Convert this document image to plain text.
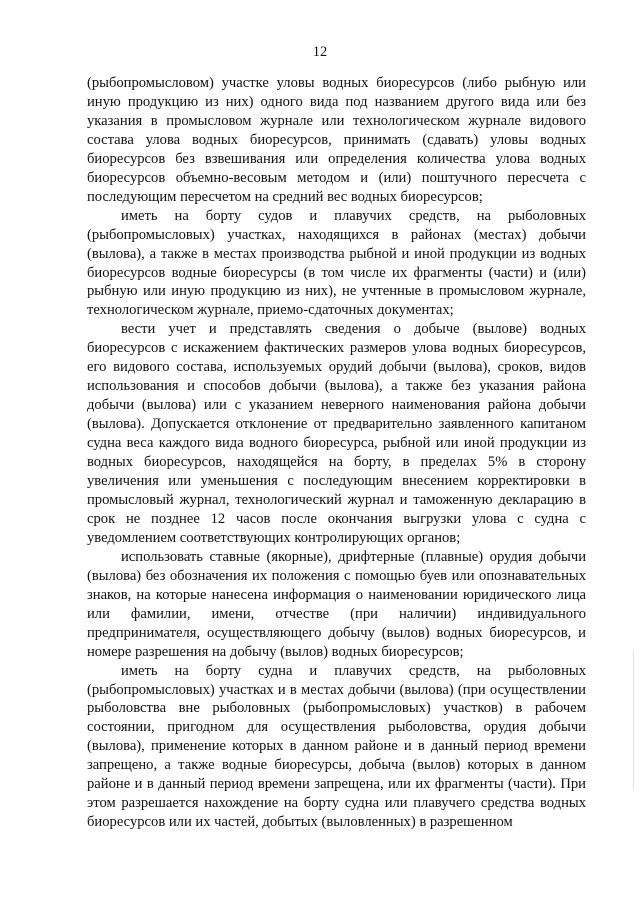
12

(рыбопромысловом) участке уловы водных биоресурсов (либо рыбную или иную продукцию из них) одного вида под названием другого вида или без указания в промысловом журнале или технологическом журнале видового состава улова водных биоресурсов, принимать (сдавать) уловы водных биоресурсов без взвешивания или определения количества улова водных биоресурсов объемно-весовым методом и (или) поштучного пересчета с последующим пересчетом на средний вес водных биоресурсов;

иметь на борту судов и плавучих средств, на рыболовных (рыбопромысловых) участках, находящихся в районах (местах) добычи (вылова), а также в местах производства рыбной и иной продукции из водных биоресурсов водные биоресурсы (в том числе их фрагменты (части) и (или) рыбную или иную продукцию из них), не учтенные в промысловом журнале, технологическом журнале, приемо-сдаточных документах;

вести учет и представлять сведения о добыче (вылове) водных биоресурсов с искажением фактических размеров улова водных биоресурсов, его видового состава, используемых орудий добычи (вылова), сроков, видов использования и способов добычи (вылова), а также без указания района добычи (вылова) или с указанием неверного наименования района добычи (вылова). Допускается отклонение от предварительно заявленного капитаном судна веса каждого вида водного биоресурса, рыбной или иной продукции из водных биоресурсов, находящейся на борту, в пределах 5% в сторону увеличения или уменьшения с последующим внесением корректировки в промысловый журнал, технологический журнал и таможенную декларацию в срок не позднее 12 часов после окончания выгрузки улова с судна с уведомлением соответствующих контролирующих органов;

использовать ставные (якорные), дрифтерные (плавные) орудия добычи (вылова) без обозначения их положения с помощью буев или опознавательных знаков, на которые нанесена информация о наименовании юридического лица или фамилии, имени, отчестве (при наличии) индивидуального предпринимателя, осуществляющего добычу (вылов) водных биоресурсов, и номере разрешения на добычу (вылов) водных биоресурсов;

иметь на борту судна и плавучих средств, на рыболовных (рыбопромысловых) участках и в местах добычи (вылова) (при осуществлении рыболовства вне рыболовных (рыбопромысловых) участков) в рабочем состоянии, пригодном для осуществления рыболовства, орудия добычи (вылова), применение которых в данном районе и в данный период времени запрещено, а также водные биоресурсы, добыча (вылов) которых в данном районе и в данный период времени запрещена, или их фрагменты (части). При этом разрешается нахождение на борту судна или плавучего средства водных биоресурсов или их частей, добытых (выловленных) в разрешенном
